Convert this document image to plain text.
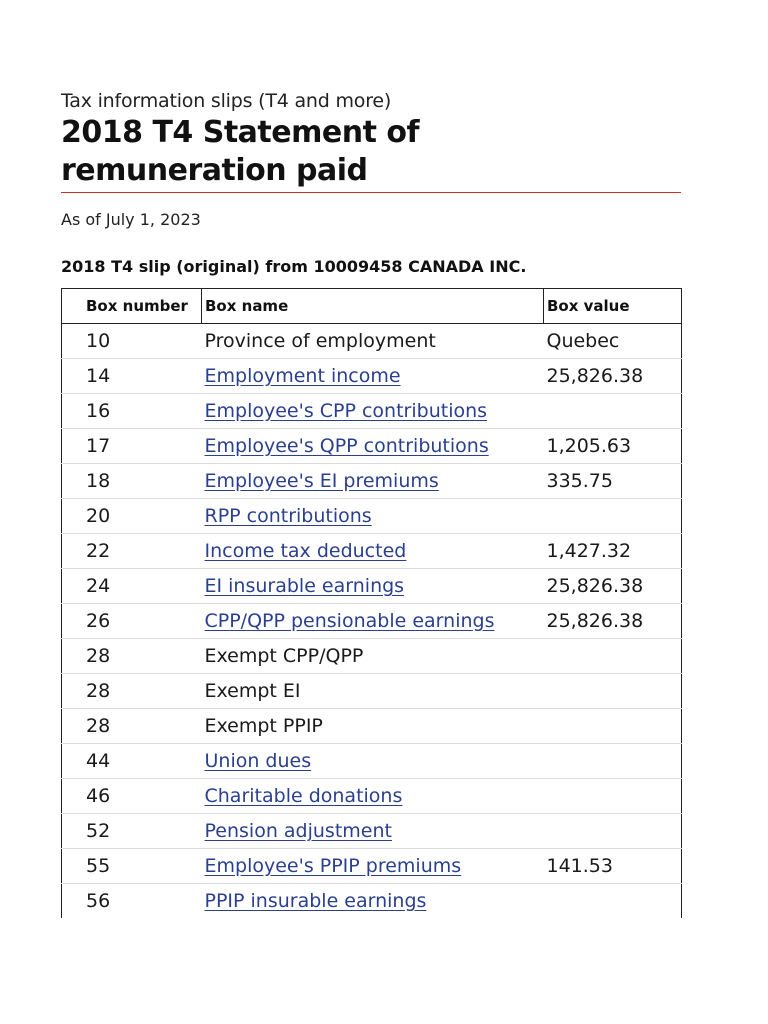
Tax information slips (T4 and more)

2018 T4 Statement of
remuneration paid
As of July 1, 2023
2018 T4 slip (original) from 10009458 CANADA INC.
Box number	Box name	Box value
10	Province of employment	Quebec
14	Employment income	25,826.38
16	Employee's CPP contributions	
17	Employee's QPP contributions	1,205.63
18	Employee's EI premiums	335.75
20	RPP contributions	
22	Income tax deducted	1,427.32
24	EI insurable earnings	25,826.38
26	CPP/QPP pensionable earnings	25,826.38
28	Exempt CPP/QPP	
28	Exempt EI	
28	Exempt PPIP	
44	Union dues	
46	Charitable donations	
52	Pension adjustment	
55	Employee's PPIP premiums	141.53
56	PPIP insurable earnings	
